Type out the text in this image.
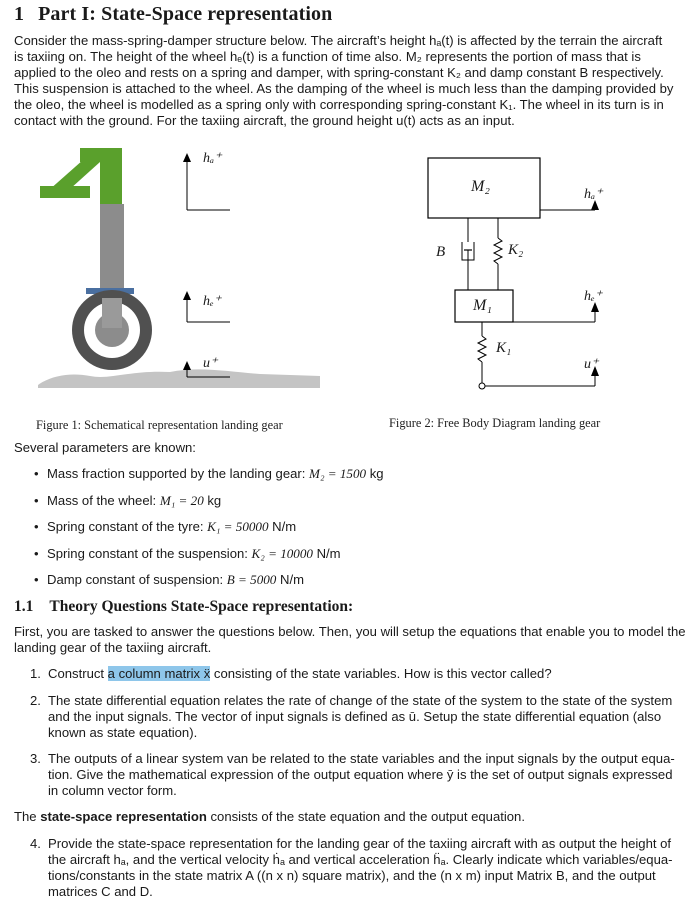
1 Part I: State-Space representation
Consider the mass-spring-damper structure below. The aircraft’s height hₐ(t) is affected by the terrain the aircraft
is taxiing on. The height of the wheel hₑ(t) is a function of time also. M₂ represents the portion of mass that is
applied to the oleo and rests on a spring and damper, with spring-constant K₂ and damp constant B respectively.
This suspension is attached to the wheel. As the damping of the wheel is much less than the damping provided by
the oleo, the wheel is modelled as a spring only with corresponding spring-constant K₁. The wheel in its turn is in
contact with the ground. For the taxiing aircraft, the ground height u(t) acts as an input.
hₐ⁺
hₑ⁺
u⁺
Figure 1: Schematical representation landing gear
M₂
M₁
B	K₂
K₁
hₐ⁺
hₑ⁺
u⁺
Figure 2: Free Body Diagram landing gear
Several parameters are known:
• Mass fraction supported by the landing gear: M₂ = 1500 kg
• Mass of the wheel: M₁ = 20 kg
• Spring constant of the tyre: K₁ = 50000 N/m
• Spring constant of the suspension: K₂ = 10000 N/m
• Damp constant of suspension: B = 5000 N/m
1.1 Theory Questions State-Space representation:
First, you are tasked to answer the questions below. Then, you will setup the equations that enable you to model the
landing gear of the taxiing aircraft.
1. Construct a column matrix ẍ consisting of the state variables. How is this vector called?
2. The state differential equation relates the rate of change of the state of the system to the state of the system
and the input signals. The vector of input signals is defined as ū. Setup the state differential equation (also
known as state equation).
3. The outputs of a linear system van be related to the state variables and the input signals by the output equa-
tion. Give the mathematical expression of the output equation where ȳ is the set of output signals expressed
in column vector form.
The state-space representation consists of the state equation and the output equation.
4. Provide the state-space representation for the landing gear of the taxiing aircraft with as output the height of
the aircraft hₐ, and the vertical velocity ḣₐ and vertical acceleration ḧₐ. Clearly indicate which variables/equa-
tions/constants in the state matrix A ((n x n) square matrix), and the (n x m) input Matrix B, and the output
matrices C and D.
